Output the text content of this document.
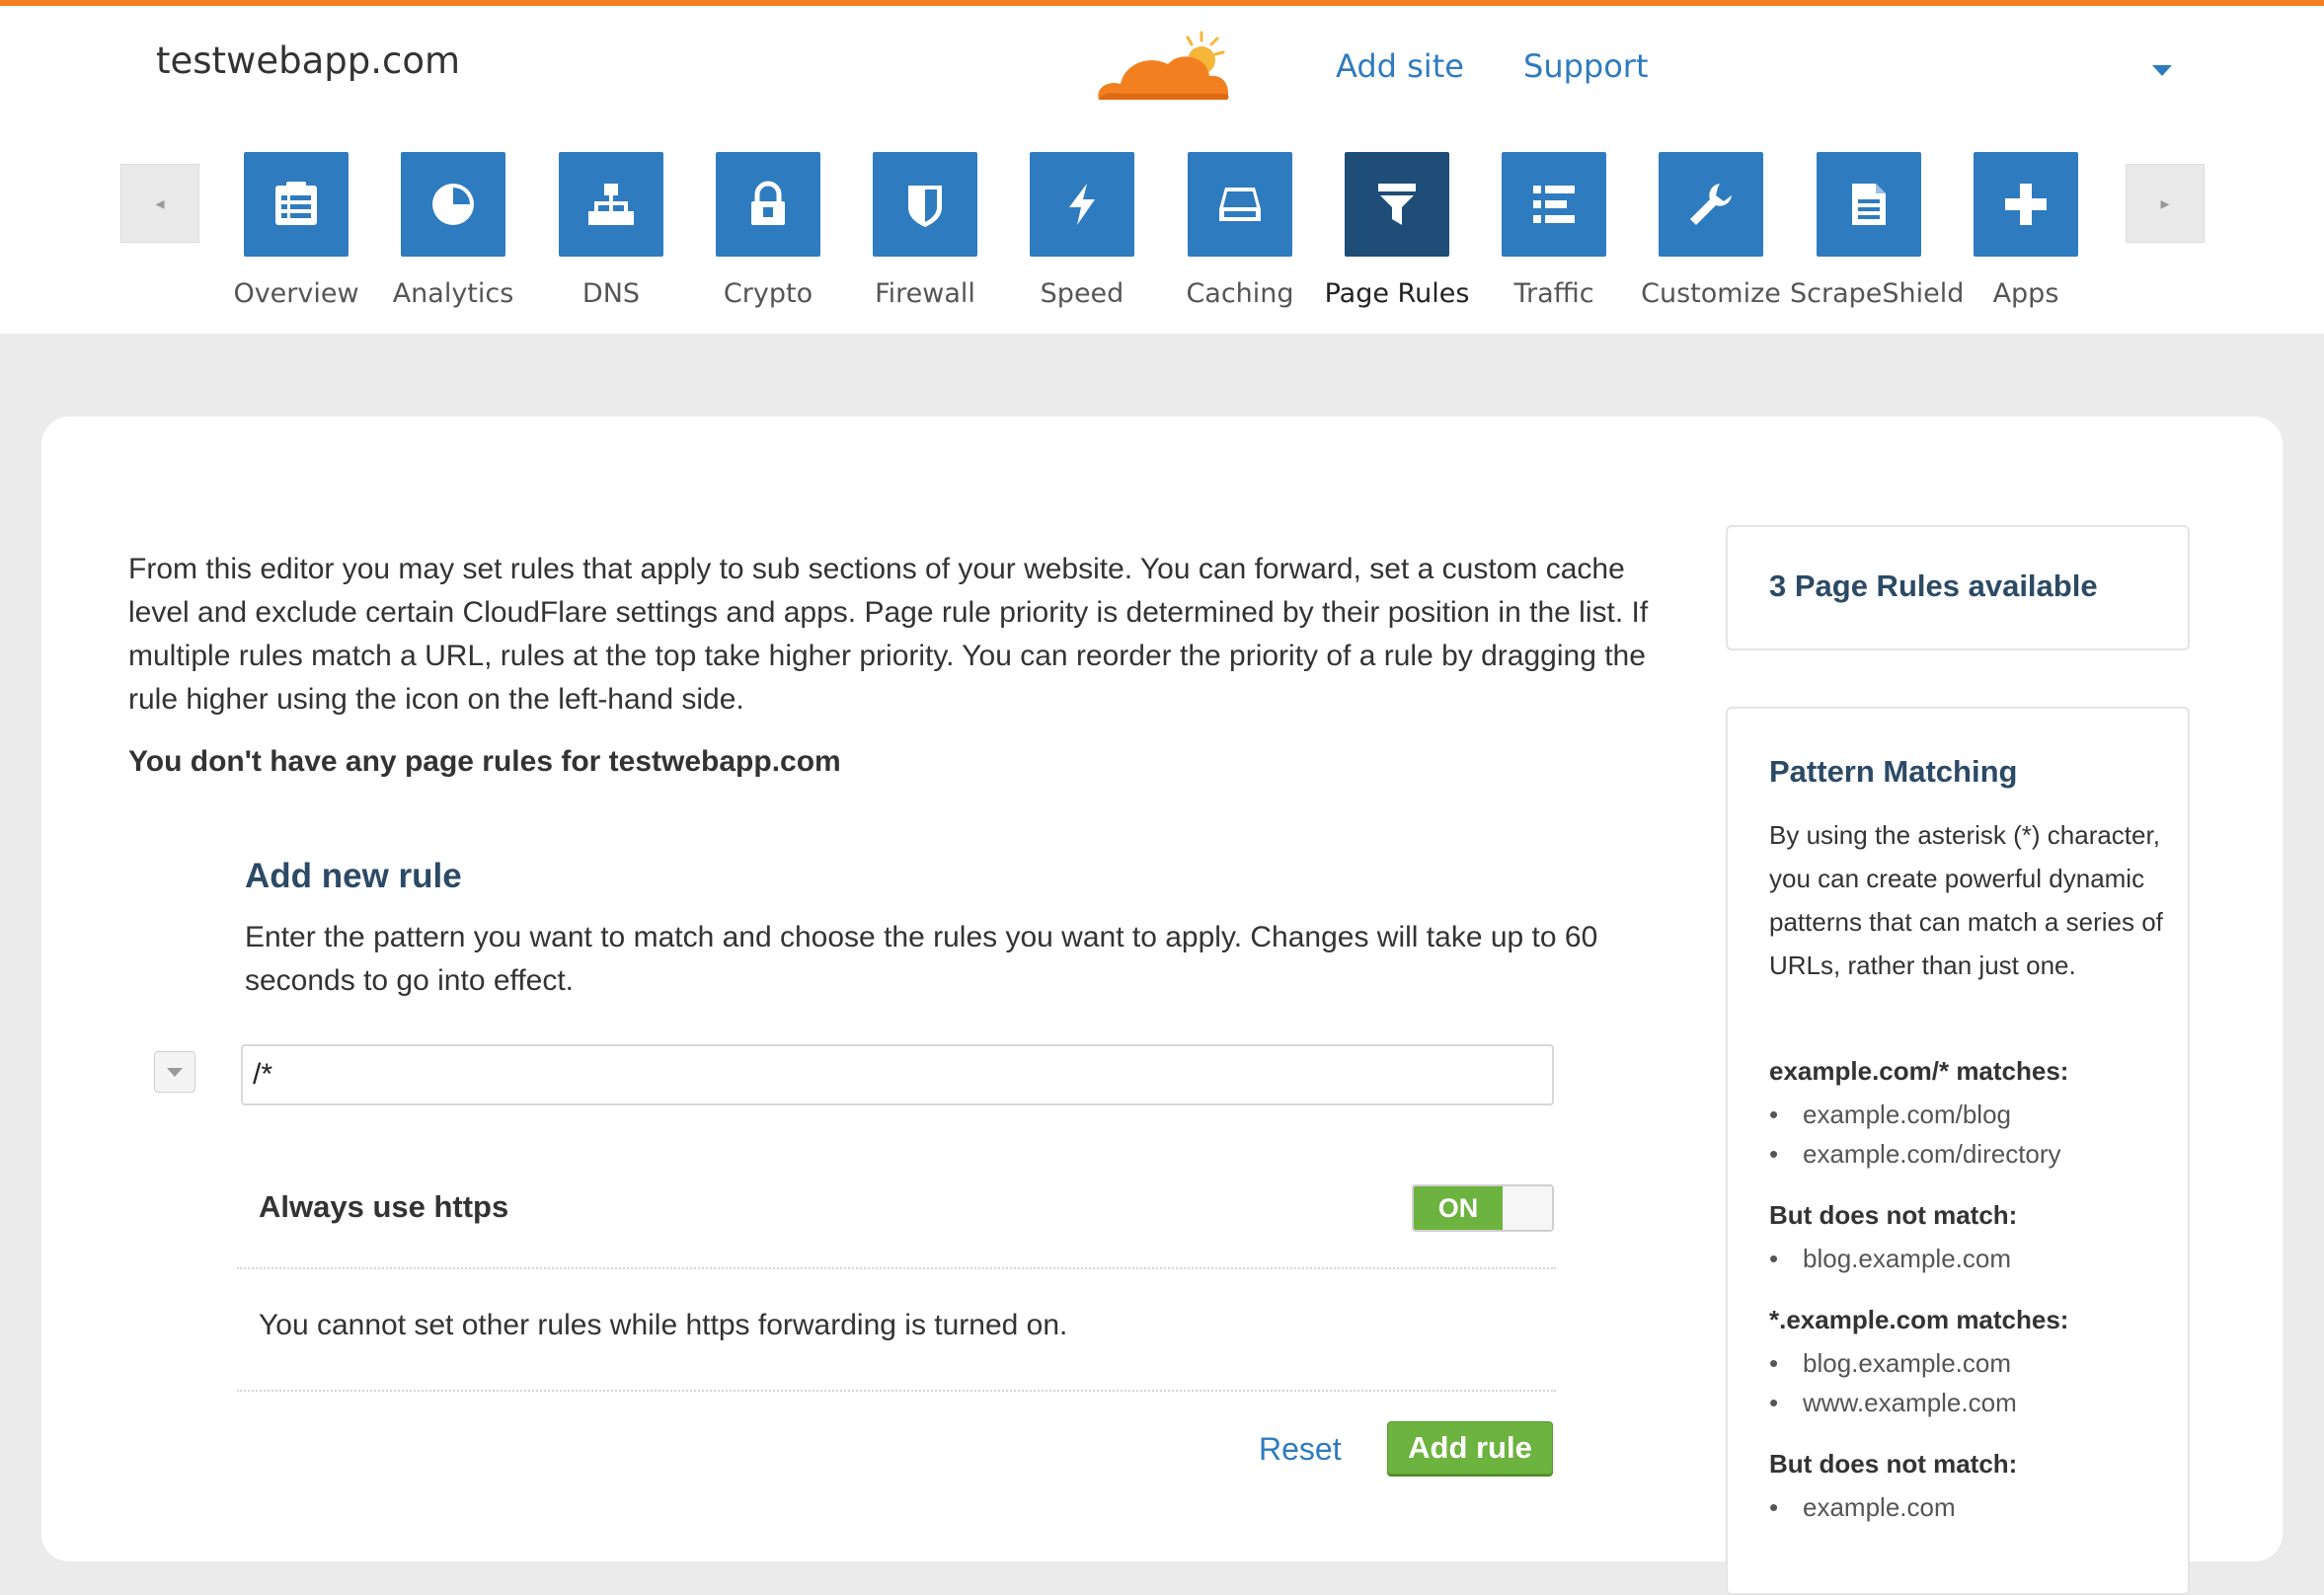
testwebapp.com	Add site Support
◂	▸
Overview	Analytics	DNS	Crypto	Firewall	Speed	Caching	Page Rules	Traffic	Customize ScrapeShield	Apps
From this editor you may set rules that apply to sub sections of your website. You can forward, set a custom cache level and exclude certain CloudFlare settings and apps. Page rule priority is determined by their position in the list. If multiple rules match a URL, rules at the top take higher priority. You can reorder the priority of a rule by dragging the rule higher using the icon on the left-hand side.
You don't have any page rules for testwebapp.com
Add new rule
Enter the pattern you want to match and choose the rules you want to apply. Changes will take up to 60 seconds to go into effect.
/*
Always use https	ON
You cannot set other rules while https forwarding is turned on.
Reset	Add rule
3 Page Rules available
Pattern Matching
By using the asterisk (*) character, you can create powerful dynamic patterns that can match a series of URLs, rather than just one.
example.com/* matches:
• example.com/blog
• example.com/directory
But does not match:
• blog.example.com
*.example.com matches:
• blog.example.com
• www.example.com
But does not match:
• example.com
